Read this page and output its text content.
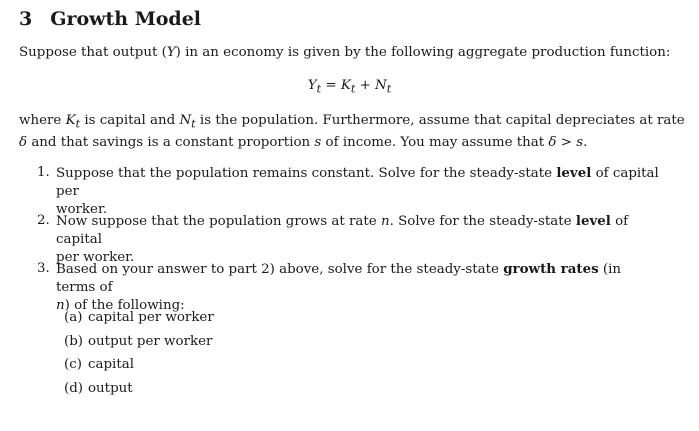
3 Growth Model

Suppose that output (Y) in an economy is given by the following aggregate production function:

$Y_t = K_t + N_t$

where $K_t$ is capital and $N_t$ is the population. Furthermore, assume that capital depreciates at rate
δ and that savings is a constant proportion s of income. You may assume that δ > s.

1. Suppose that the population remains constant. Solve for the steady-state level of capital per
worker.
2. Now suppose that the population grows at rate n. Solve for the steady-state level of capital
per worker.
3. Based on your answer to part 2) above, solve for the steady-state growth rates (in terms of
n) of the following:
(a) capital per worker
(b) output per worker
(c) capital
(d) output
